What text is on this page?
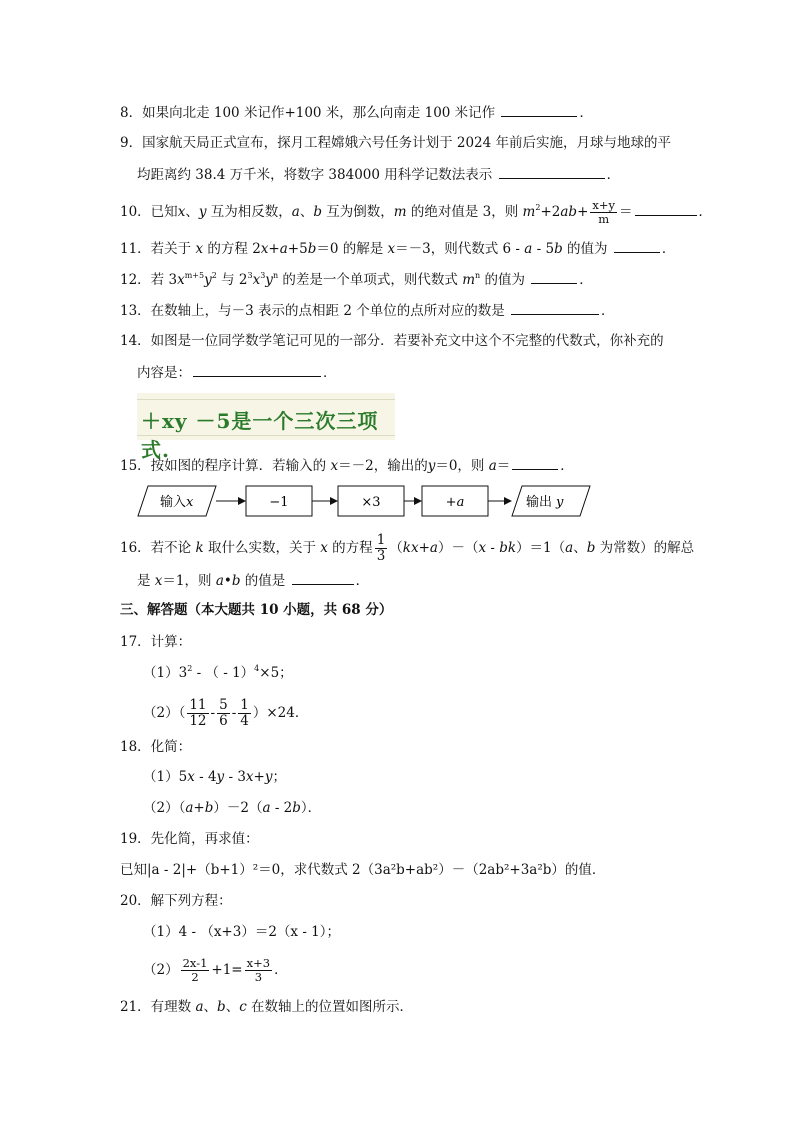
8．如果向北走 100 米记作+100 米，那么向南走 100 米记作	．
9．国家航天局正式宣布，探月工程嫦娥六号任务计划于 2024 年前后实施，月球与地球的平
均距离约 38.4 万千米，将数字 384000 用科学记数法表示	．
10．已知x、y 互为相反数，a、b 互为倒数，m 的绝对值是 3，则 $m^2+2ab+ \frac{x+y}{m}$ ＝	．
11．若关于 x 的方程 2x+a+5b＝0 的解是 x＝－3，则代数式 6 - a - 5b 的值为	．
12．若 $3x^{m+5}y^2$ 与 $2^3x^3y^n$ 的差是一个单项式，则代数式 $m^n$ 的值为	．
13．在数轴上，与－3 表示的点相距 2 个单位的点所对应的数是	．
14．如图是一位同学数学笔记可见的一部分．若要补充文中这个不完整的代数式，你补充的
内容是：	．
＋xy －5是一个三次三项式.
15．按如图的程序计算．若输入的 x＝－2，输出的y＝0，则 a＝	．
输入x	−1	×3	+a	输出 y
16．若不论 k 取什么实数，关于 x 的方程 $\frac{1}{3} (kx+a)-(x - bk)=1(a$、b 为常数）的解总
是 x＝1，则 a•b 的值是	．
三、解答题（本大题共 10 小题，共 68 分）
17．计算：
$(1)3^2$ - （ - 1）$^4$×5；
$(2)( \frac{11}{12} - \frac{5}{6} - \frac{1}{4} )\times 24$．
18．化简：
（1）5x - 4y - 3x+y；
（2）（a+b）－2（a - 2b）．
19．先化简，再求值：
已知|a - 2|+（b+1）²＝0，求代数式 2（3a²b+ab²）－（2ab²+3a²b）的值．
20．解下列方程：
（1）4 - （x+3）＝2（x - 1）；
$(2) \frac{2x-1}{2} +1= \frac{x+3}{3}$ ．
21．有理数 a、b、c 在数轴上的位置如图所示．
